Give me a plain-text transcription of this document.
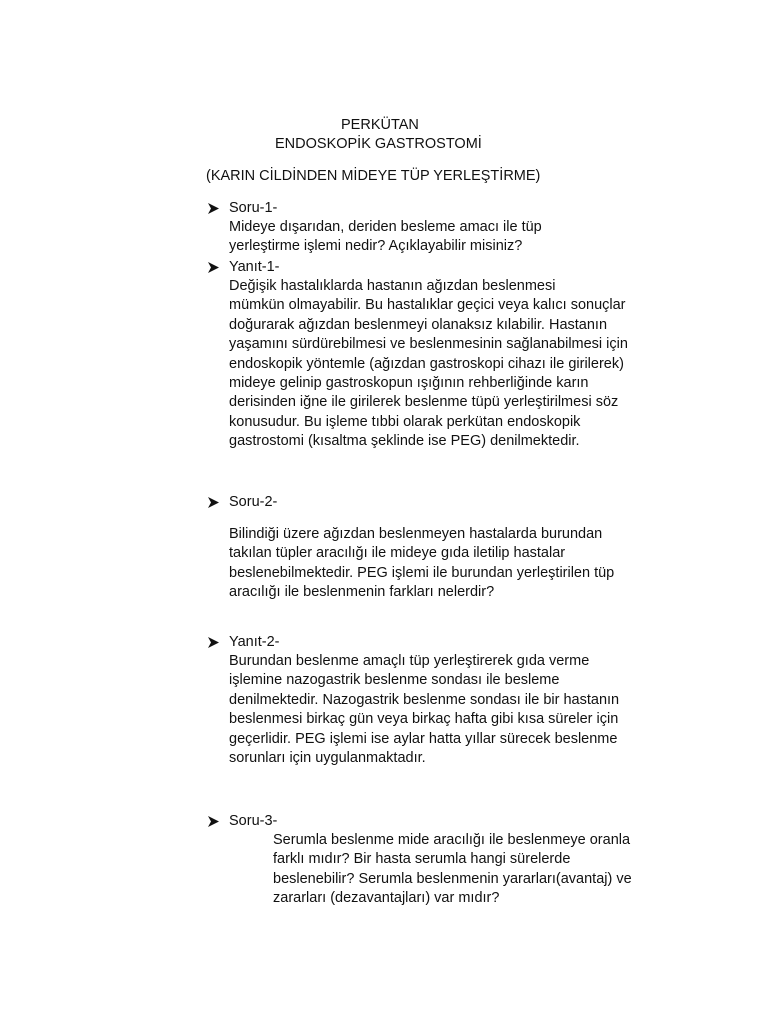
PERKÜTAN
ENDOSKOPİK GASTROSTOMİ
(KARIN CİLDİNDEN MİDEYE TÜP YERLEŞTİRME)
Soru-1-

Mideye dışarıdan, deriden besleme amacı ile tüp
yerleştirme işlemi nedir? Açıklayabilir misiniz?

Yanıt-1-

Değişik hastalıklarda hastanın ağızdan beslenmesi
mümkün olmayabilir. Bu hastalıklar geçici veya kalıcı sonuçlar
doğurarak ağızdan beslenmeyi olanaksız kılabilir. Hastanın
yaşamını sürdürebilmesi ve beslenmesinin sağlanabilmesi için
endoskopik yöntemle (ağızdan gastroskopi cihazı ile girilerek)
mideye gelinip gastroskopun ışığının rehberliğinde karın
derisinden iğne ile girilerek beslenme tüpü yerleştirilmesi söz
konusudur. Bu işleme tıbbi olarak perkütan endoskopik
gastrostomi (kısaltma şeklinde ise PEG) denilmektedir.

Soru-2-

Bilindiği üzere ağızdan beslenmeyen hastalarda burundan
takılan tüpler aracılığı ile mideye gıda iletilip hastalar
beslenebilmektedir. PEG işlemi ile burundan yerleştirilen tüp
aracılığı ile beslenmenin farkları nelerdir?

Yanıt-2-

Burundan beslenme amaçlı tüp yerleştirerek gıda verme
işlemine nazogastrik beslenme sondası ile besleme
denilmektedir. Nazogastrik beslenme sondası ile bir hastanın
beslenmesi birkaç gün veya birkaç hafta gibi kısa süreler için
geçerlidir. PEG işlemi ise aylar hatta yıllar sürecek beslenme
sorunları için uygulanmaktadır.

Soru-3-

Serumla beslenme mide aracılığı ile beslenmeye oranla
farklı mıdır? Bir hasta serumla hangi sürelerde
beslenebilir? Serumla beslenmenin yararları(avantaj) ve
zararları (dezavantajları) var mıdır?
